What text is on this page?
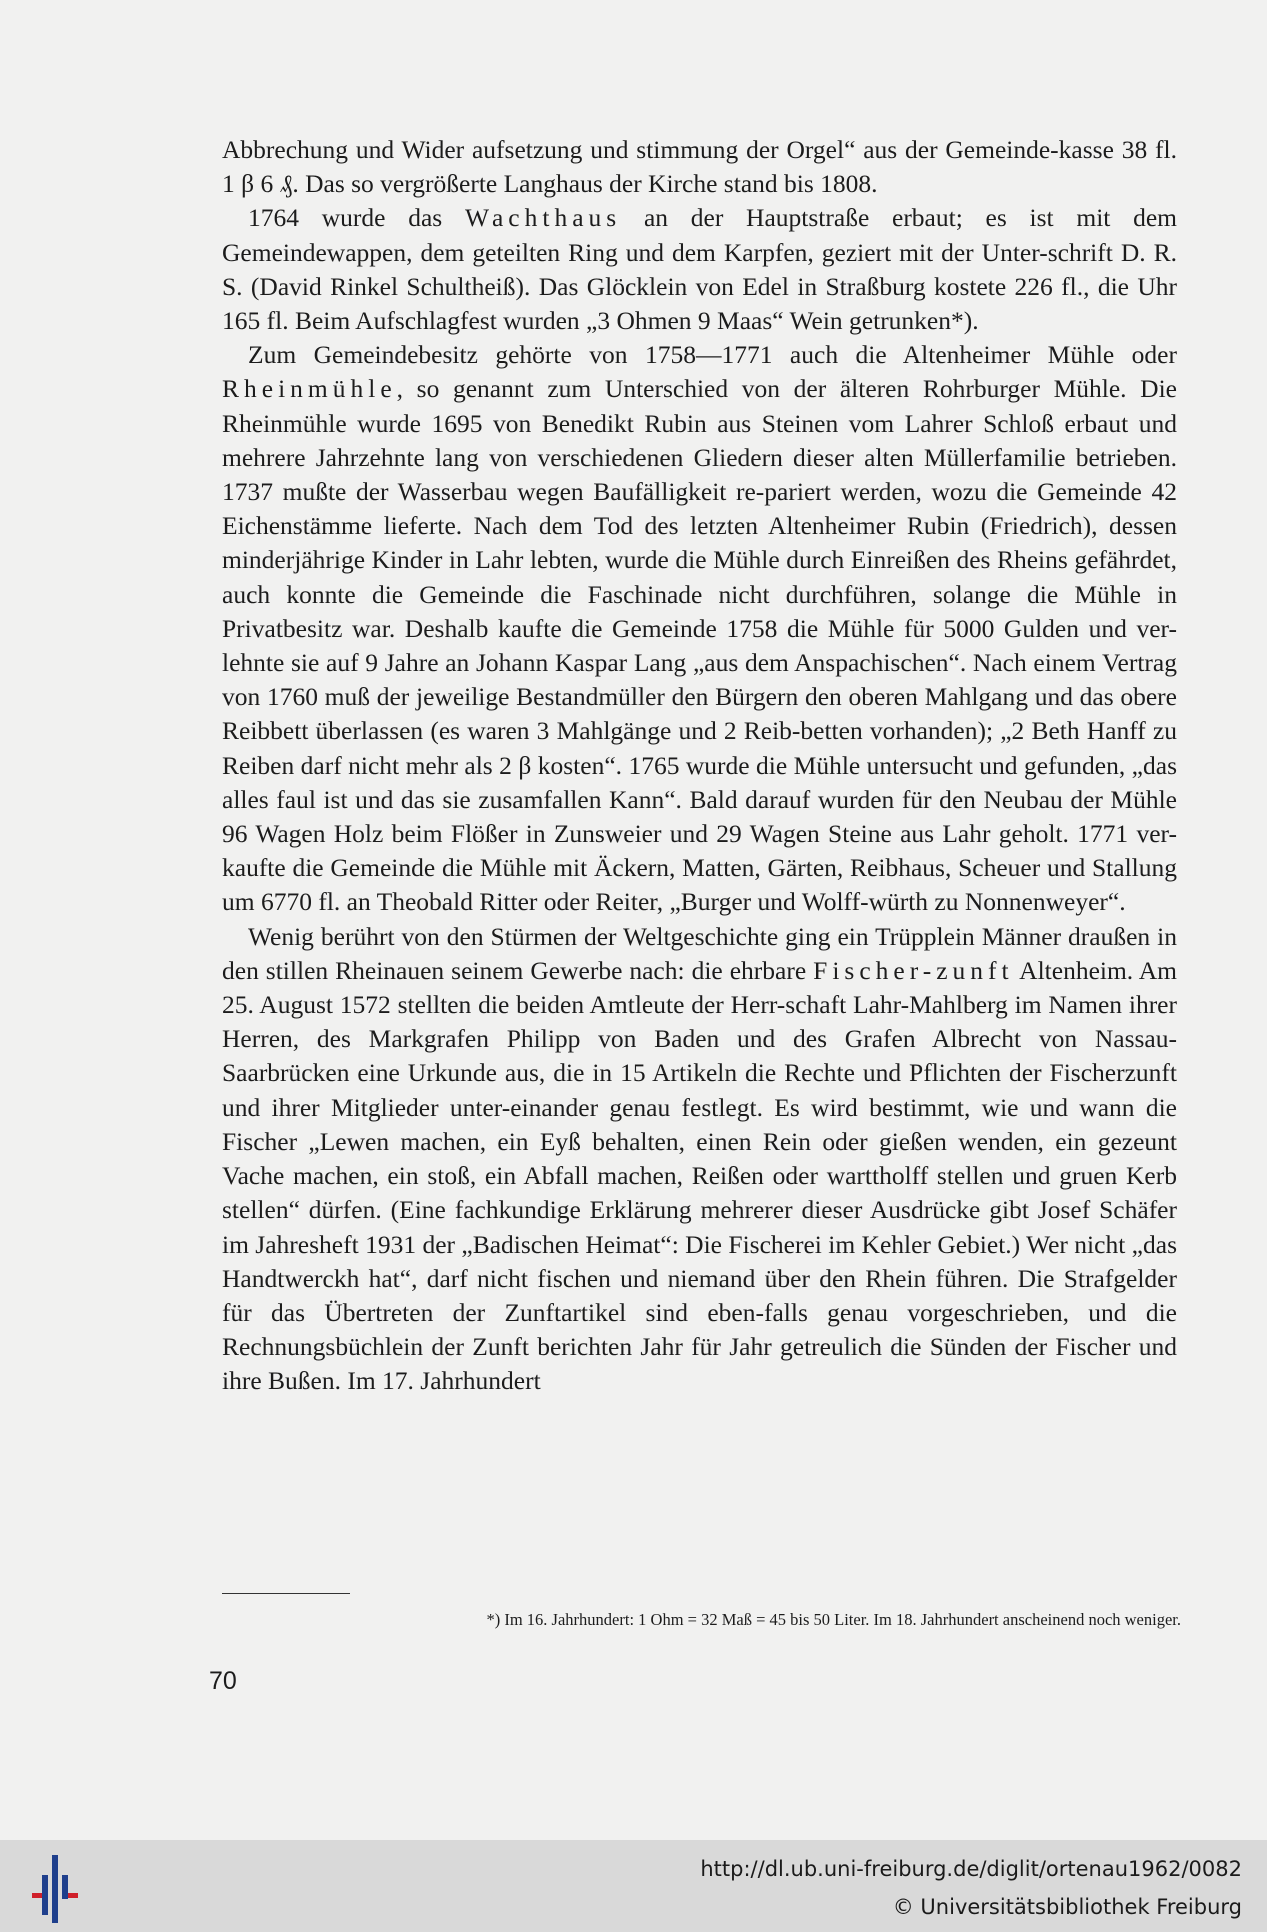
Abbrechung und Wider aufsetzung und stimmung der Orgel“ aus der Gemeinde-kasse 38 fl. 1 β 6 ₰. Das so vergrößerte Langhaus der Kirche stand bis 1808.

1764 wurde das Wachthaus an der Hauptstraße erbaut; es ist mit dem Gemeindewappen, dem geteilten Ring und dem Karpfen, geziert mit der Unter-schrift D. R. S. (David Rinkel Schultheiß). Das Glöcklein von Edel in Straßburg kostete 226 fl., die Uhr 165 fl. Beim Aufschlagfest wurden „3 Ohmen 9 Maas“ Wein getrunken*).

Zum Gemeindebesitz gehörte von 1758—1771 auch die Altenheimer Mühle oder Rheinmühle, so genannt zum Unterschied von der älteren Rohrburger Mühle. Die Rheinmühle wurde 1695 von Benedikt Rubin aus Steinen vom Lahrer Schloß erbaut und mehrere Jahrzehnte lang von verschiedenen Gliedern dieser alten Müllerfamilie betrieben. 1737 mußte der Wasserbau wegen Baufälligkeit re-pariert werden, wozu die Gemeinde 42 Eichenstämme lieferte. Nach dem Tod des letzten Altenheimer Rubin (Friedrich), dessen minderjährige Kinder in Lahr lebten, wurde die Mühle durch Einreißen des Rheins gefährdet, auch konnte die Gemeinde die Faschinade nicht durchführen, solange die Mühle in Privatbesitz war. Deshalb kaufte die Gemeinde 1758 die Mühle für 5000 Gulden und ver-lehnte sie auf 9 Jahre an Johann Kaspar Lang „aus dem Anspachischen“. Nach einem Vertrag von 1760 muß der jeweilige Bestandmüller den Bürgern den oberen Mahlgang und das obere Reibbett überlassen (es waren 3 Mahlgänge und 2 Reib-betten vorhanden); „2 Beth Hanff zu Reiben darf nicht mehr als 2 β kosten“. 1765 wurde die Mühle untersucht und gefunden, „das alles faul ist und das sie zusamfallen Kann“. Bald darauf wurden für den Neubau der Mühle 96 Wagen Holz beim Flößer in Zunsweier und 29 Wagen Steine aus Lahr geholt. 1771 ver-kaufte die Gemeinde die Mühle mit Äckern, Matten, Gärten, Reibhaus, Scheuer und Stallung um 6770 fl. an Theobald Ritter oder Reiter, „Burger und Wolff-würth zu Nonnenweyer“.

Wenig berührt von den Stürmen der Weltgeschichte ging ein Trüpplein Männer draußen in den stillen Rheinauen seinem Gewerbe nach: die ehrbare Fischer-zunft Altenheim. Am 25. August 1572 stellten die beiden Amtleute der Herr-schaft Lahr-Mahlberg im Namen ihrer Herren, des Markgrafen Philipp von Baden und des Grafen Albrecht von Nassau-Saarbrücken eine Urkunde aus, die in 15 Artikeln die Rechte und Pflichten der Fischerzunft und ihrer Mitglieder unter-einander genau festlegt. Es wird bestimmt, wie und wann die Fischer „Lewen machen, ein Eyß behalten, einen Rein oder gießen wenden, ein gezeunt Vache machen, ein stoß, ein Abfall machen, Reißen oder warttholff stellen und gruen Kerb stellen“ dürfen. (Eine fachkundige Erklärung mehrerer dieser Ausdrücke gibt Josef Schäfer im Jahresheft 1931 der „Badischen Heimat“: Die Fischerei im Kehler Gebiet.) Wer nicht „das Handtwerckh hat“, darf nicht fischen und niemand über den Rhein führen. Die Strafgelder für das Übertreten der Zunftartikel sind eben-falls genau vorgeschrieben, und die Rechnungsbüchlein der Zunft berichten Jahr für Jahr getreulich die Sünden der Fischer und ihre Bußen. Im 17. Jahrhundert

*) Im 16. Jahrhundert: 1 Ohm = 32 Maß = 45 bis 50 Liter. Im 18. Jahrhundert anscheinend noch weniger.
70
http://dl.ub.uni-freiburg.de/diglit/ortenau1962/0082
© Universitätsbibliothek Freiburg
